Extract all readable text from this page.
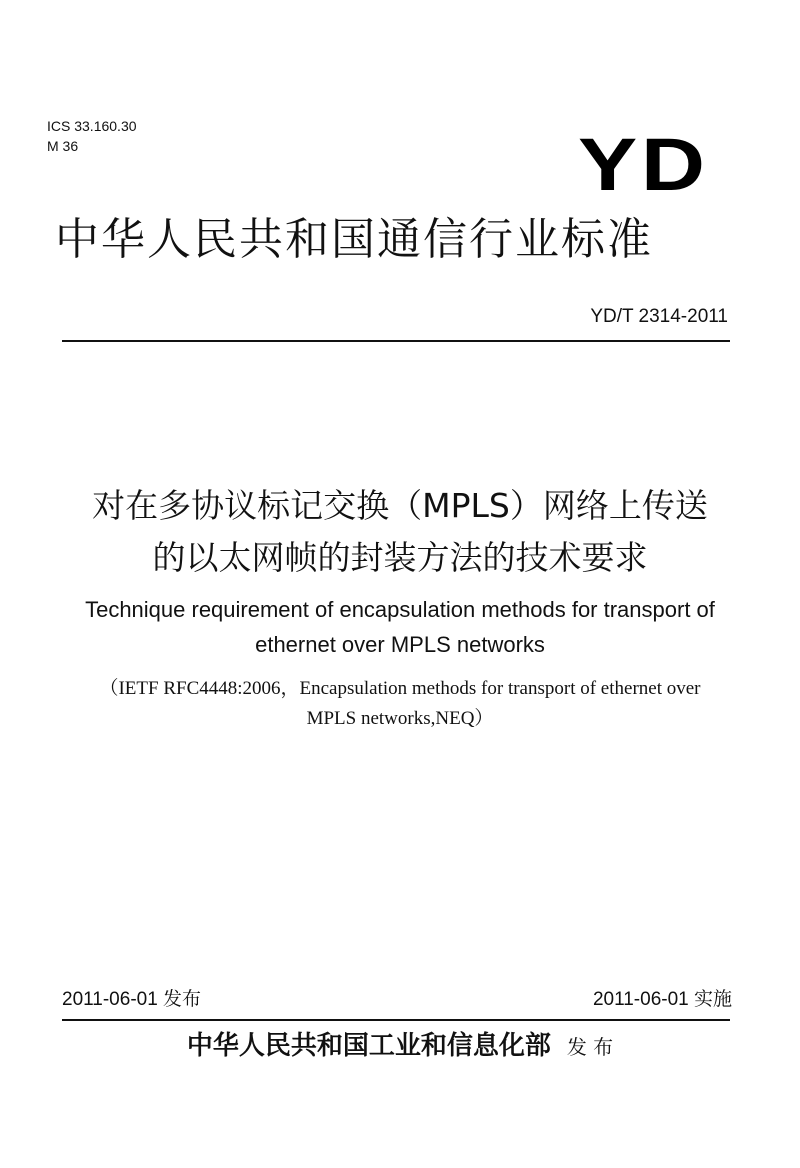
ICS 33.160.30
M 36	YD
中华人民共和国通信行业标准
YD/T 2314-2011
对在多协议标记交换（MPLS）网络上传送
的以太网帧的封装方法的技术要求
Technique requirement of encapsulation methods for transport of
ethernet over MPLS networks
（IETF RFC4448:2006，Encapsulation methods for transport of ethernet over
MPLS networks,NEQ）
2011-06-01 发布	2011-06-01 实施
中华人民共和国工业和信息化部 发 布
